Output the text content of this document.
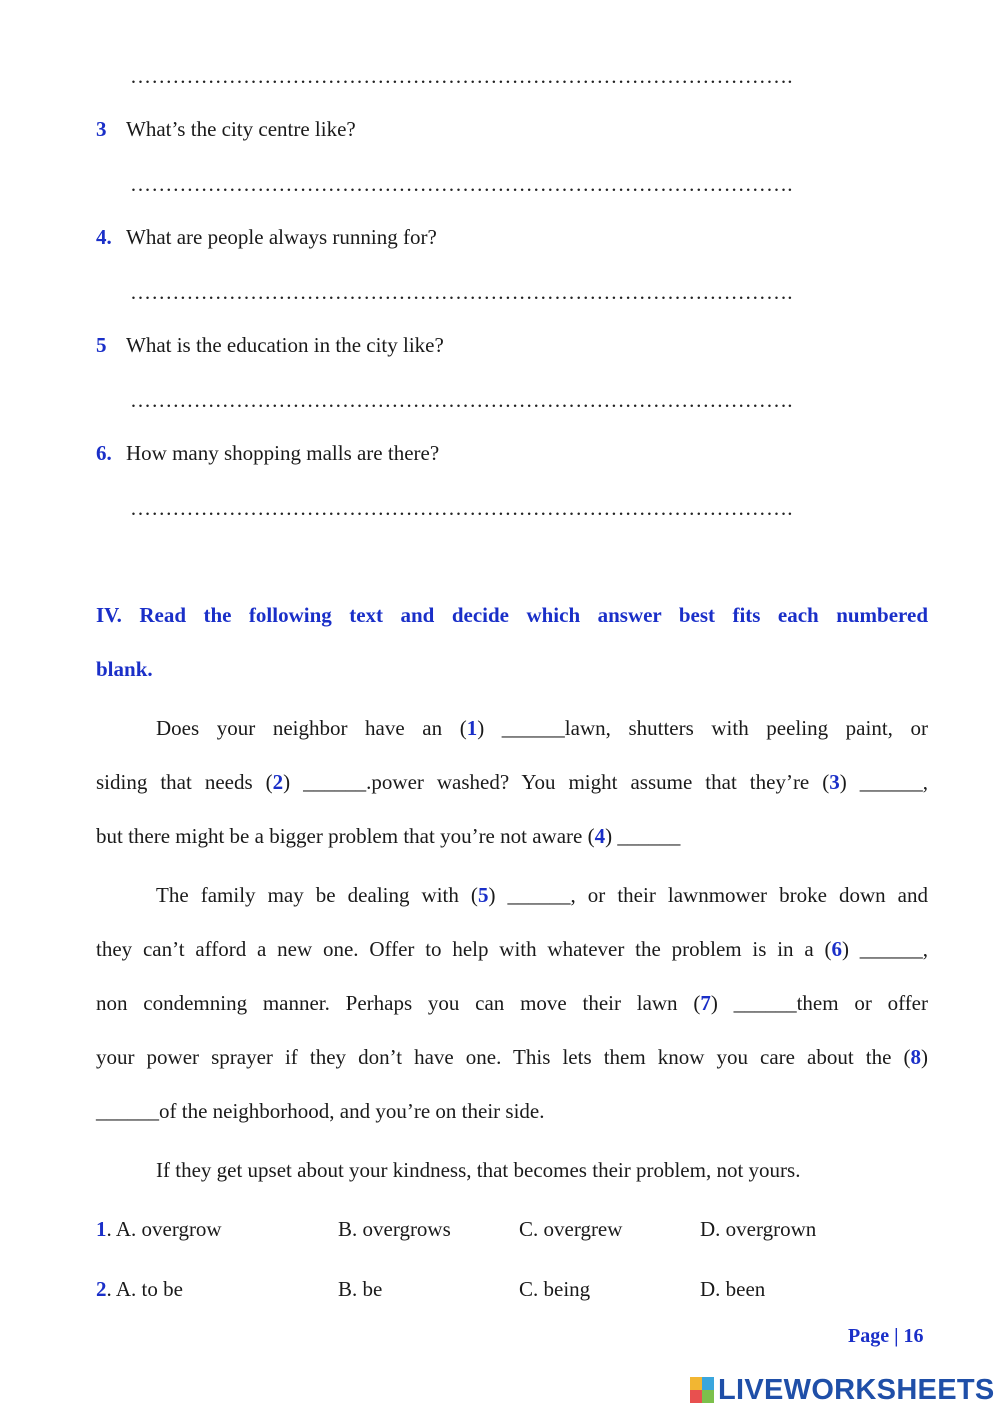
………………………………………………………………………………….
3 What’s the city centre like?
………………………………………………………………………………….
4. What are people always running for?
………………………………………………………………………………….
5 What is the education in the city like?
………………………………………………………………………………….
6. How many shopping malls are there?
………………………………………………………………………………….
IV. Read the following text and decide which answer best fits each numbered
blank.
Does your neighbor have an (1) ______lawn, shutters with peeling paint, or
siding that needs (2) ______.power washed? You might assume that they’re (3) ______,
but there might be a bigger problem that you’re not aware (4) ______
The family may be dealing with (5) ______, or their lawnmower broke down and
they can’t afford a new one. Offer to help with whatever the problem is in a (6) ______,
non condemning manner. Perhaps you can move their lawn (7) ______them or offer
your power sprayer if they don’t have one. This lets them know you care about the (8)
______of the neighborhood, and you’re on their side.
If they get upset about your kindness, that becomes their problem, not yours.
1. A. overgrow	B. overgrows	C. overgrew	D. overgrown
2. A. to be	B. be	C. being	D. been
Page | 16
LIVEWORKSHEETS
